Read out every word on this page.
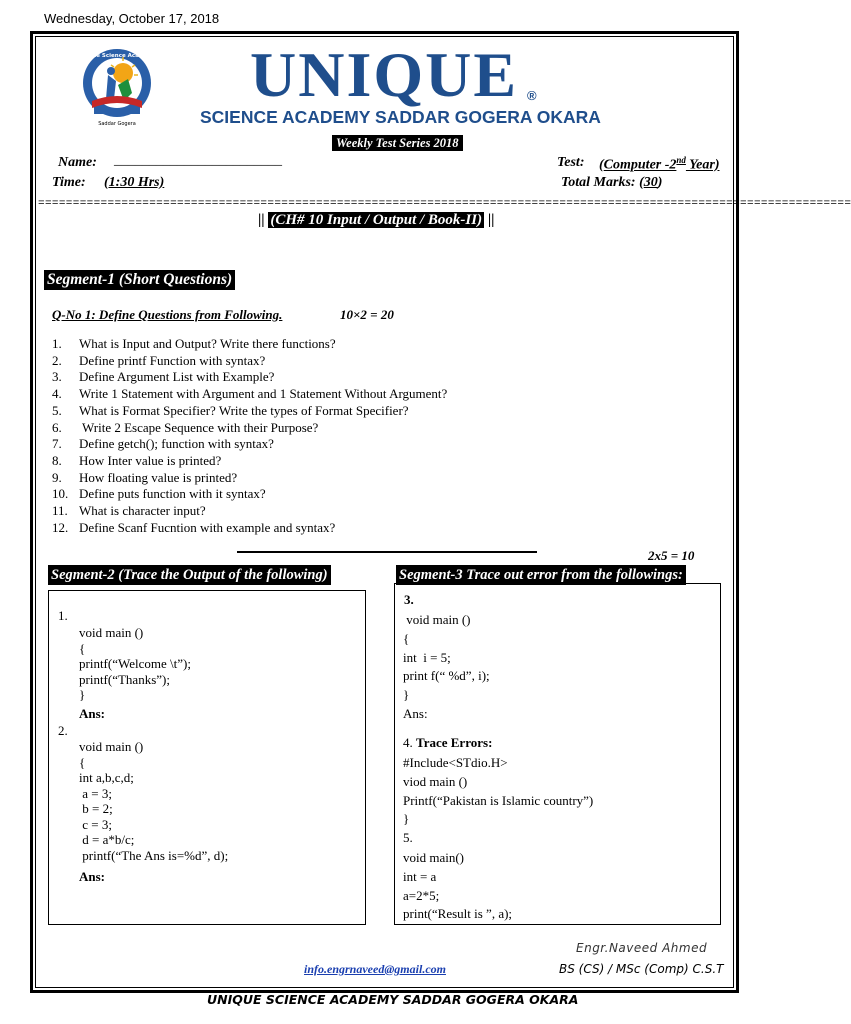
Wednesday, October 17, 2018
Unique Science Academy
Saddar Gogera
UNIQUE ®
SCIENCE ACADEMY SADDAR GOGERA OKARA
Weekly Test Series 2018
Name: ________________________
Time: (1:30 Hrs)
Test: (Computer -2nd Year)
Total Marks: (30)
=====================================================================================================================
|| (CH# 10 Input / Output / Book-II) ||
Segment-1 (Short Questions)
Q-No 1: Define Questions from Following.	10×2 = 20
1. What is Input and Output? Write there functions?
2. Define printf Function with syntax?
3. Define Argument List with Example?
4. Write 1 Statement with Argument and 1 Statement Without Argument?
5. What is Format Specifier? Write the types of Format Specifier?
6. Write 2 Escape Sequence with their Purpose?
7. Define getch(); function with syntax?
8. How Inter value is printed?
9. How floating value is printed?
10. Define puts function with it syntax?
11. What is character input?
12. Define Scanf Fucntion with example and syntax?
2x5 = 10
Segment-2 (Trace the Output of the following)
1.
void main ()
{
printf(“Welcome \t”);
printf(“Thanks”);
}
Ans:
2.
void main ()
{
int a,b,c,d;
a = 3;
b = 2;
c = 3;
d = a*b/c;
printf(“The Ans is=%d”, d);
Ans:
Segment-3 Trace out error from the followings:
3.
void main ()
{
int  i = 5;
print f(“ %d”, i);
}
Ans:
4. Trace Errors:
#Include<STdio.H>
viod main ()
Printf(“Pakistan is Islamic country”)
}
5.
void main()
int = a
a=2*5;
print(“Result is ”, a);
Engr.Naveed Ahmed
info.engrnaveed@gmail.com	BS (CS) / MSc (Comp) C.S.T
UNIQUE SCIENCE ACADEMY SADDAR GOGERA OKARA
